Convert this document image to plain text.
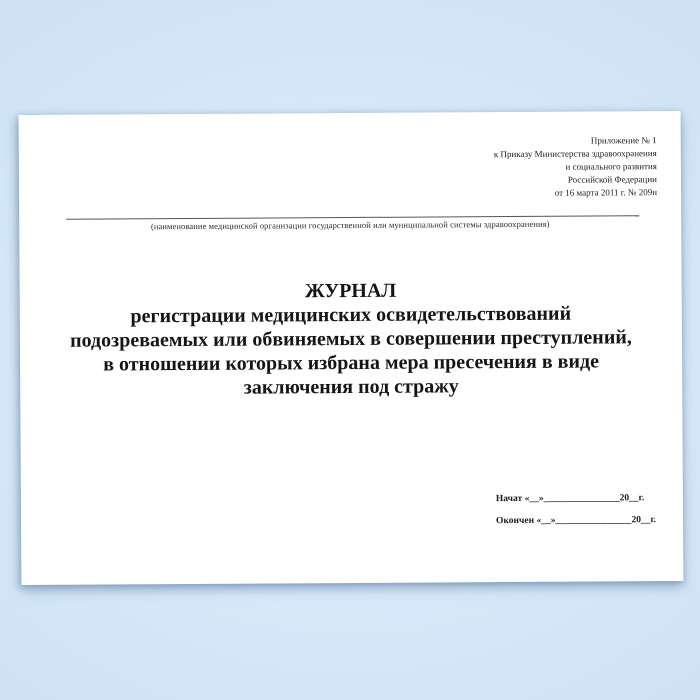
Приложение № 1
к Приказу Министерства здравоохранения
и социального развития
Российской Федерации
от 16 марта 2011 г. № 209н
(наименование медицинской организации государственной или муниципальной системы здравоохранения)
ЖУРНАЛ
регистрации медицинских освидетельствований
подозреваемых или обвиняемых в совершении преступлений,
в отношении которых избрана мера пресечения в виде
заключения под стражу
Начат «__»________________20__г.
Окончен «__»________________20__г.
